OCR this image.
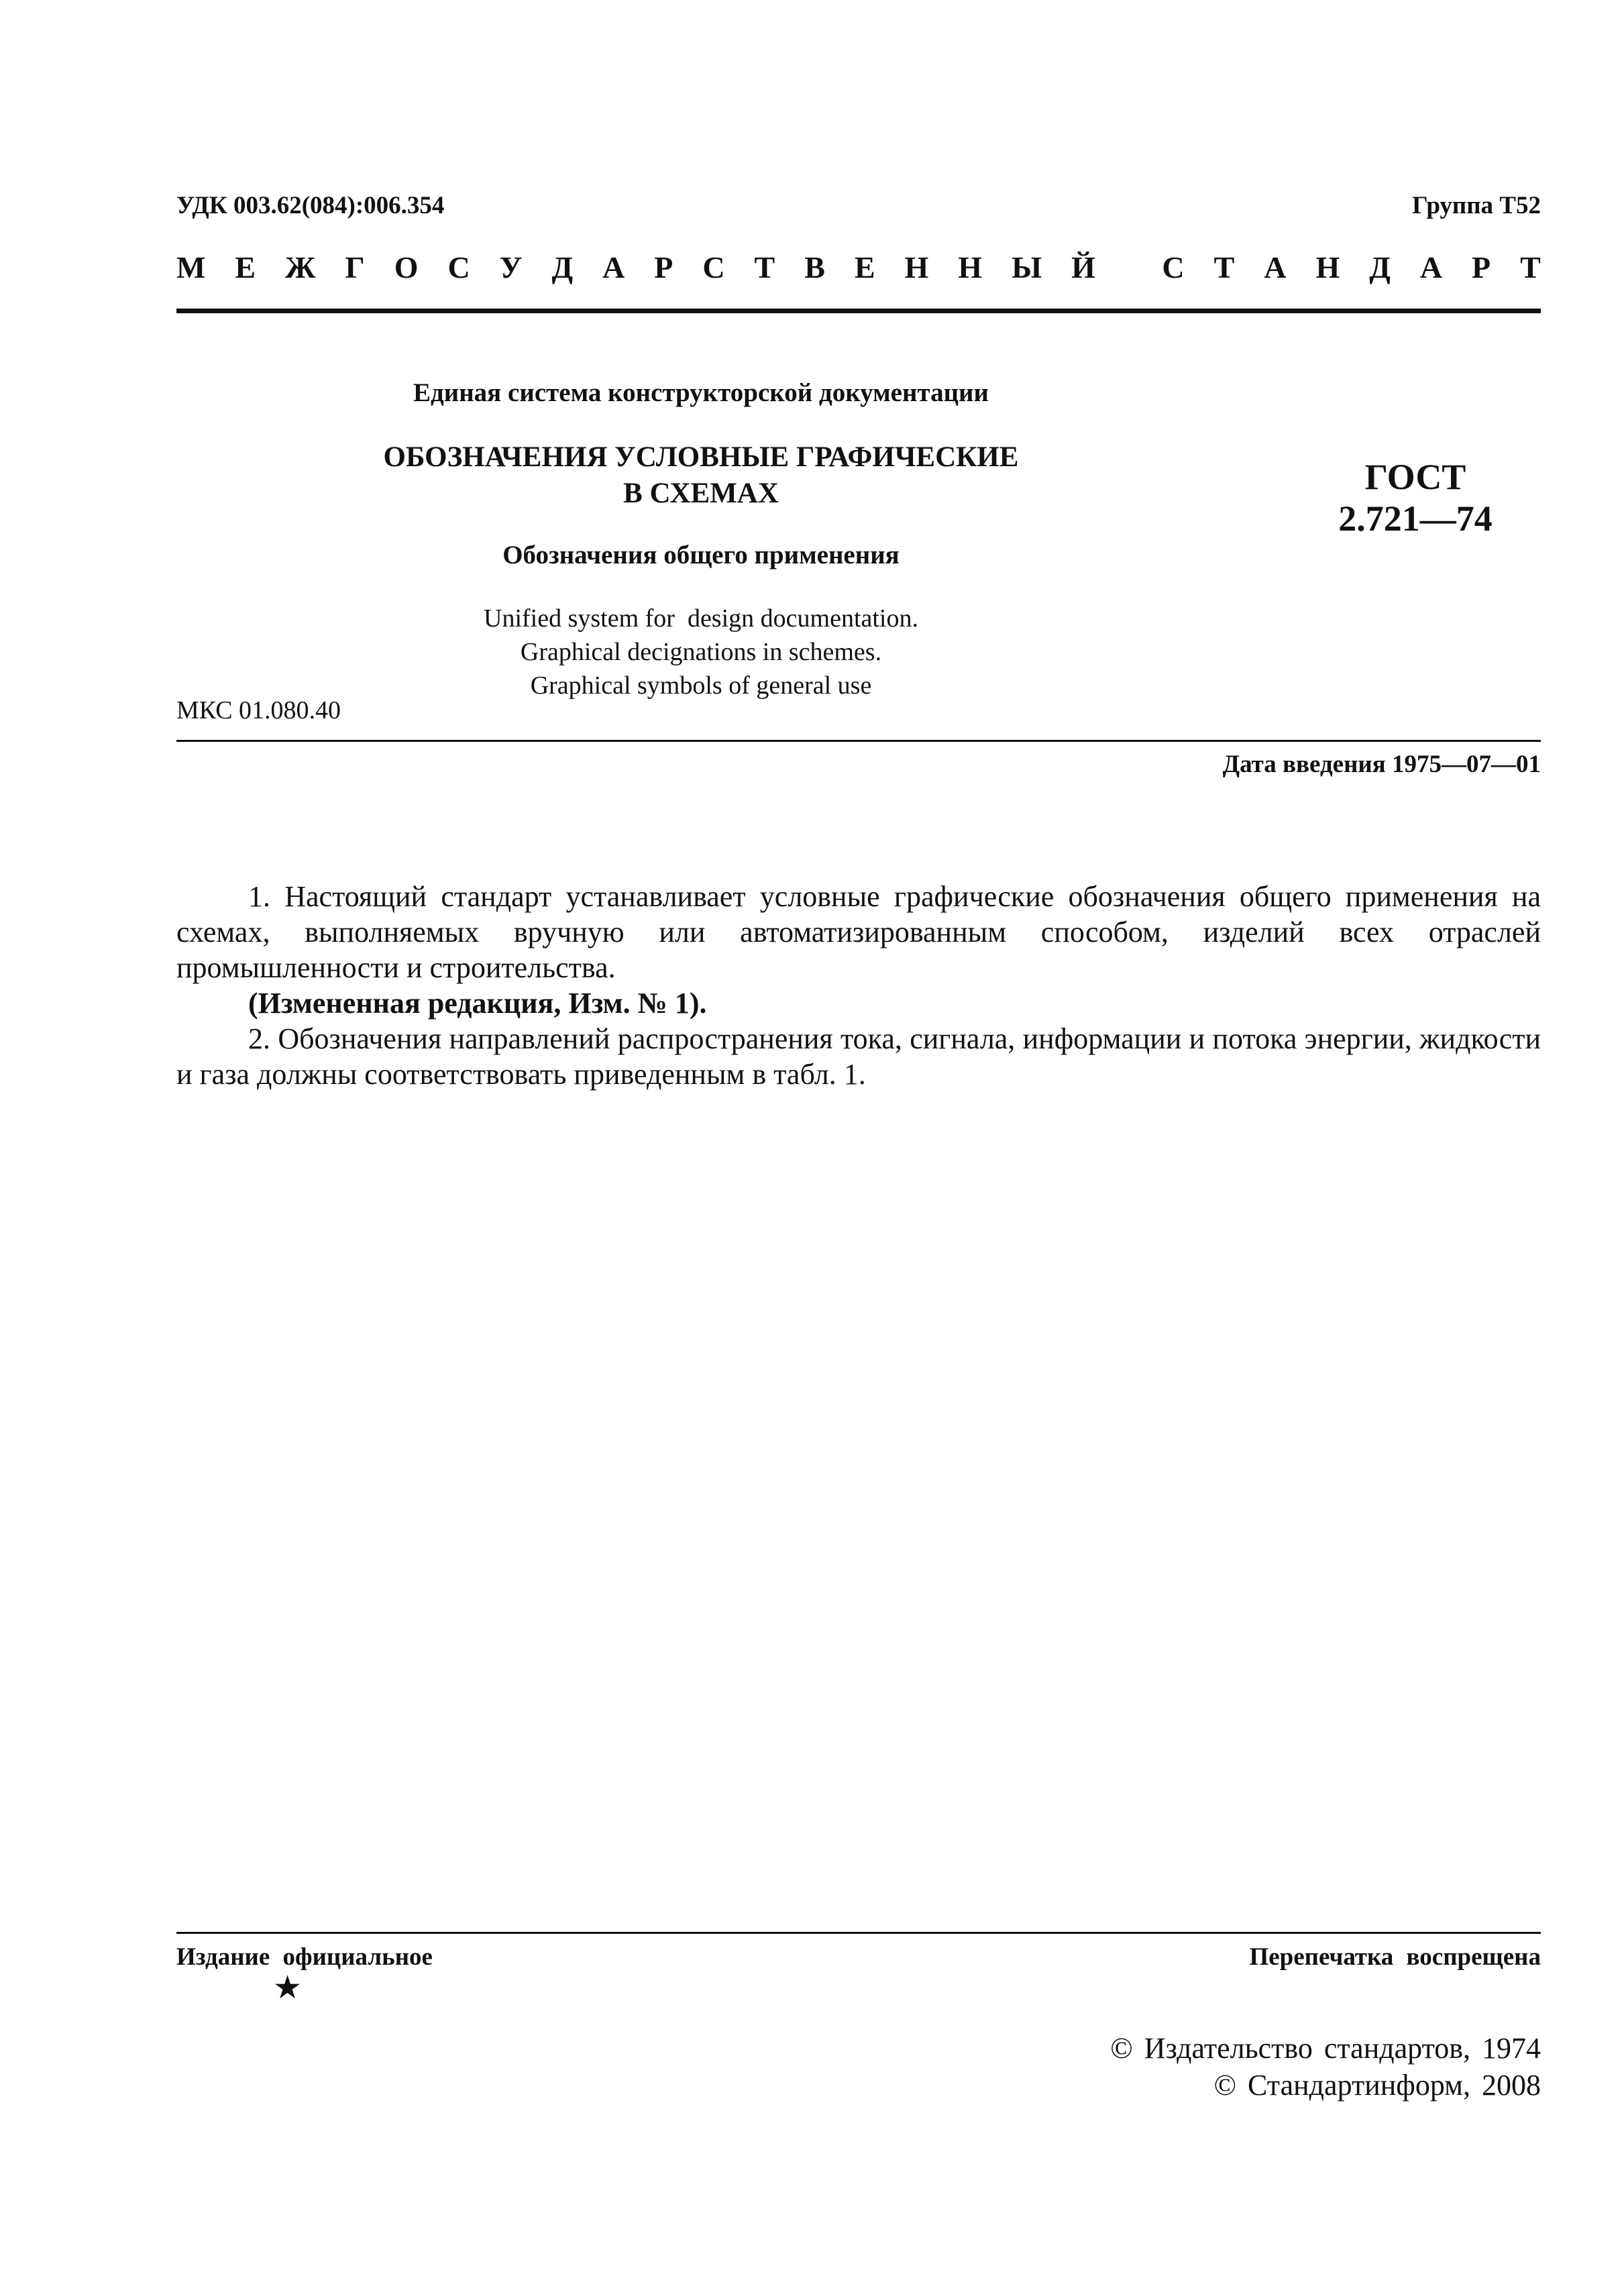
УДК 003.62(084):006.354	Группа Т52
М Е Ж Г О С У Д А Р С Т В Е Н Н Ы Й
С Т А Н Д А Р Т
Единая система конструкторской документации
ОБОЗНАЧЕНИЯ УСЛОВНЫЕ ГРАФИЧЕСКИЕ
В СХЕМАХ
Обозначения общего применения
Unified system for  design documentation.
Graphical decignations in schemes.
Graphical symbols of general use
ГОСТ
2.721—74
МКС 01.080.40
Дата введения 1975—07—01

1. Настоящий стандарт устанавливает условные графические обозначения общего применения на схемах, выполняемых вручную или автоматизированным способом, изделий всех отраслей промышленности и строительства.

(Измененная редакция, Изм. № 1).

2. Обозначения направлений распространения тока, сигнала, информации и потока энергии, жидкости и газа должны соответствовать приведенным в табл. 1.

Издание официальное
★
Перепечатка воспрещена
© Издательство стандартов, 1974
© Стандартинформ, 2008
